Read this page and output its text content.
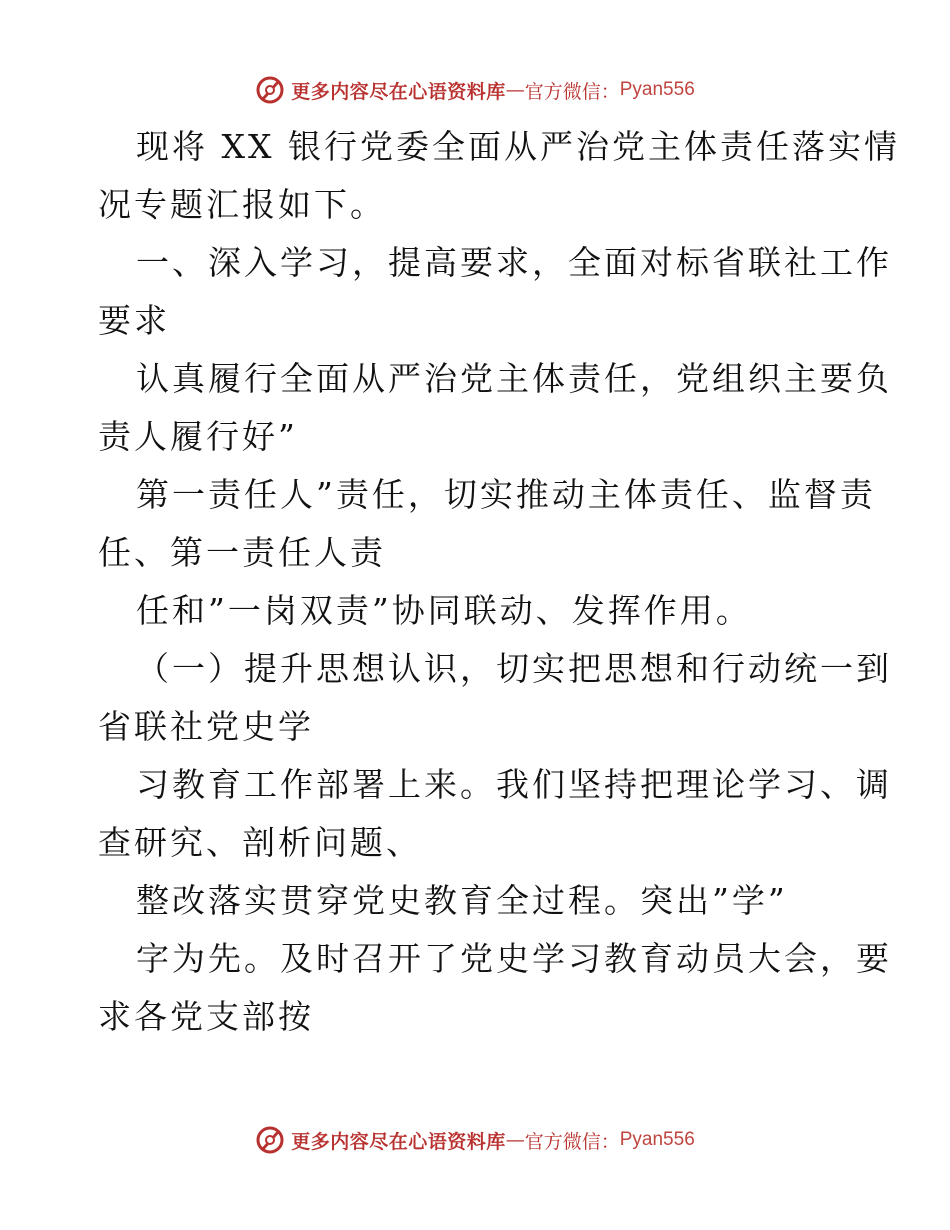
更多内容尽在心语资料库 — 官方微信： Pyan556
现将 XX 银行党委全面从严治党主体责任落实情
况专题汇报如下。
一、深入学习，提高要求，全面对标省联社工作
要求
认真履行全面从严治党主体责任，党组织主要负
责人履行好”
第一责任人”责任，切实推动主体责任、监督责
任、第一责任人责
任和”一岗双责”协同联动、发挥作用。
（一）提升思想认识，切实把思想和行动统一到
省联社党史学
习教育工作部署上来。我们坚持把理论学习、调
查研究、剖析问题、
整改落实贯穿党史教育全过程。突出”学”
字为先。及时召开了党史学习教育动员大会，要
求各党支部按
更多内容尽在心语资料库 — 官方微信： Pyan556
